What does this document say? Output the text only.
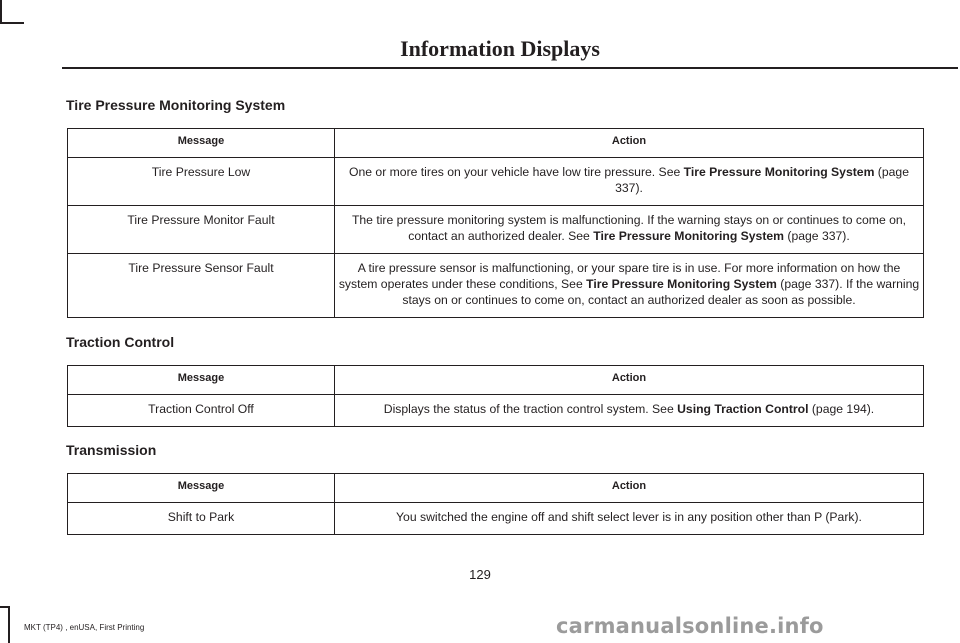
Information Displays
Tire Pressure Monitoring System
Message	Action
Tire Pressure Low	One or more tires on your vehicle have low tire pressure. See Tire Pressure Monitoring System (page 337).
Tire Pressure Monitor Fault	The tire pressure monitoring system is malfunctioning. If the warning stays on or continues to come on, contact an authorized dealer. See Tire Pressure Monitoring System (page 337).
Tire Pressure Sensor Fault	A tire pressure sensor is malfunctioning, or your spare tire is in use. For more information on how the system operates under these conditions, See Tire Pressure Monitoring System (page 337). If the warning stays on or continues to come on, contact an authorized dealer as soon as possible.
Traction Control
Message	Action
Traction Control Off	Displays the status of the traction control system. See Using Traction Control (page 194).
Transmission
Message	Action
Shift to Park	You switched the engine off and shift select lever is in any position other than P (Park).
129
MKT (TP4) , enUSA, First Printing	carmanualsonline.info
